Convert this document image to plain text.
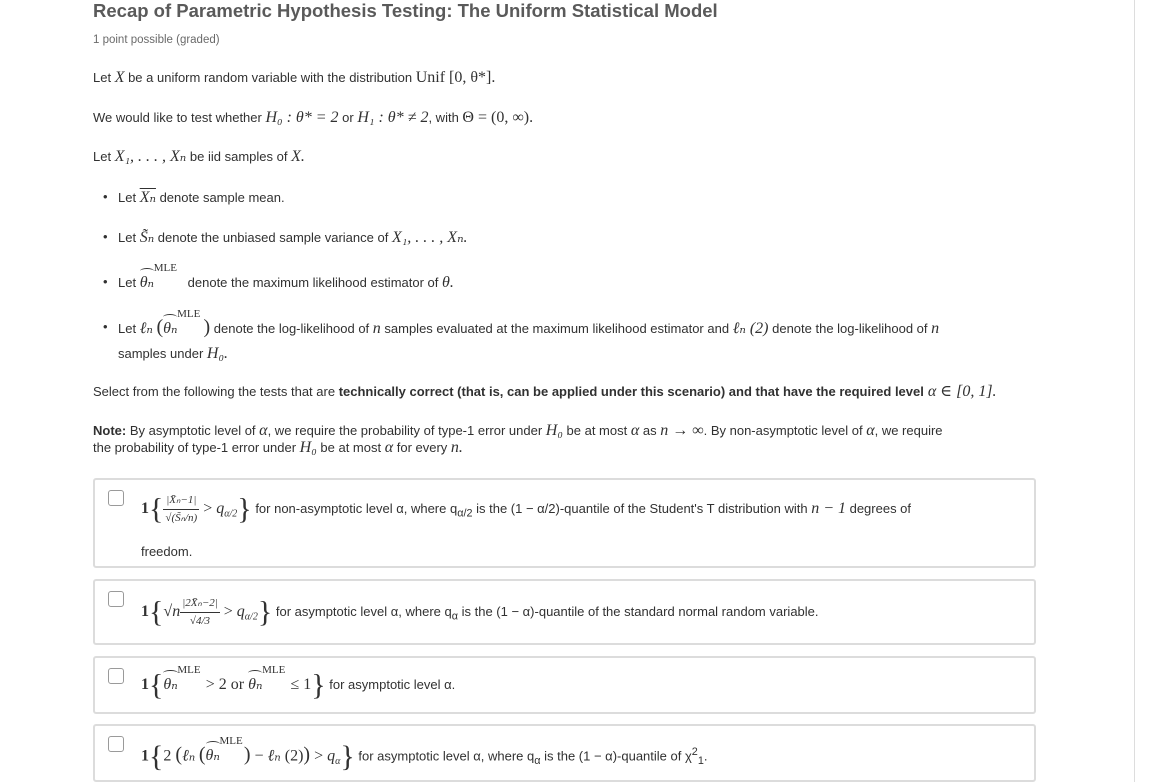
Recap of Parametric Hypothesis Testing: The Uniform Statistical Model
1 point possible (graded)
Let X be a uniform random variable with the distribution Unif [0, θ*].
We would like to test whether H₀ : θ* = 2 or H₁ : θ* ≠ 2, with Θ = (0, ∞).
Let X₁, . . . , Xₙ be iid samples of X.
• Let $\overline{X_n}$ denote sample mean.
• Let S̃ₙ denote the unbiased sample variance of X₁, . . . , Xₙ.
• Let
MLE
θₙ denote the maximum likelihood estimator of θ.
• Let ℓₙ (
MLE
θₙ ) denote the log-likelihood of n samples evaluated at the maximum likelihood estimator and ℓₙ (2) denote the log-likelihood of n
samples under H₀.
Select from the following the tests that are technically correct (that is, can be applied under this scenario) and that have the required level α ∈ [0, 1].
Note: By asymptotic level of α, we require the probability of type-1 error under H₀ be at most α as n → ∞. By non-asymptotic level of α, we require
the probability of type-1 error under H₀ be at most α for every n.
$1\{ \frac{\text{|X̄ₙ−1|}}{\text{√(S̃ₙ/n)}} > q_{\alpha/2}\}$ for non-asymptotic level α, where $q_{\alpha/2}$ is the (1 − α/2)-quantile of the Student's T distribution with n − 1 degrees of
freedom.
$1\{√n \frac{\text{|2X̄ₙ−2|}}{√4/3} > q_{\alpha/2}\}$ for asymptotic level α, where $q_\alpha$ is the (1 − α)-quantile of the standard normal random variable.
1{ MLE
θₙ > 2 or
MLE
θₙ ≤ 1} for asymptotic level α.
1{2 (ℓₙ (
MLE
θₙ ) − ℓₙ $(2)) > q_\alpha$} for asymptotic level α, where $q_\alpha$ is the (1 − α)-quantile of $\chi^2_1$.
